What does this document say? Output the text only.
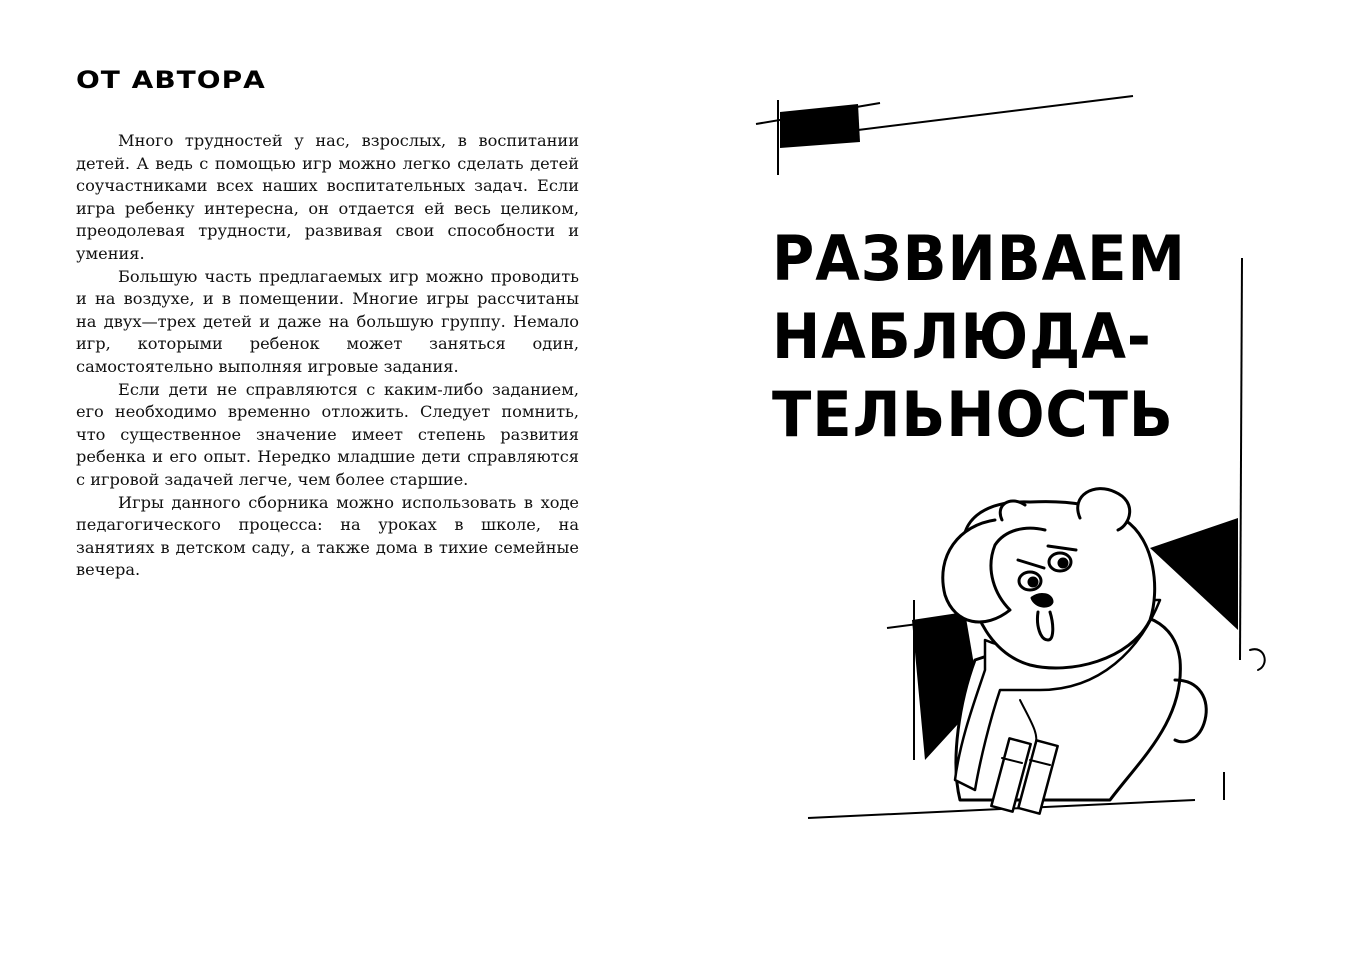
ОТ АВТОРА

Много трудностей у нас, взрослых, в воспитании детей. А ведь с помощью игр можно легко сделать детей соучастниками всех наших воспитательных задач. Если игра ребенку интересна, он отдается ей весь целиком, преодолевая трудности, развивая свои способности и умения.

Большую часть предлагаемых игр можно проводить и на воздухе, и в помещении. Многие игры рассчитаны на двух—трех детей и даже на большую группу. Немало игр, которыми ребенок может заняться один, самостоятельно выполняя игровые задания.

Если дети не справляются с каким-либо заданием, его необходимо временно отложить. Следует помнить, что существенное значение имеет степень развития ребенка и его опыт. Нередко младшие дети справляются с игровой задачей легче, чем более старшие.

Игры данного сборника можно использовать в ходе педагогического процесса: на уроках в школе, на занятиях в детском саду, а также дома в тихие семейные вечера.

РАЗВИВАЕМ
НАБЛЮДА-
ТЕЛЬНОСТЬ
